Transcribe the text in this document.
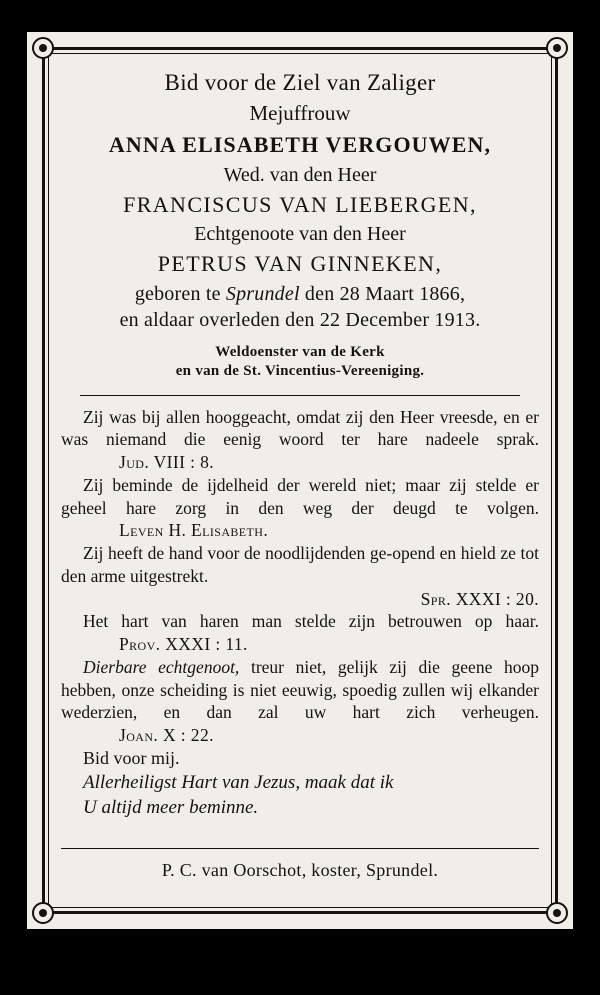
Bid voor de Ziel van Zaliger
Mejuffrouw
ANNA ELISABETH VERGOUWEN,
Wed. van den Heer
FRANCISCUS VAN LIEBERGEN,
Echtgenoote van den Heer
PETRUS VAN GINNEKEN,
geboren te Sprundel den 28 Maart 1866,
en aldaar overleden den 22 December 1913.
Weldoenster van de Kerk
en van de St. Vincentius-Vereeniging.

Zij was bij allen hooggeacht, omdat zij den Heer vreesde, en er was niemand die eenig woord ter hare nadeele sprak. Jud. VIII : 8.

Zij beminde de ijdelheid der wereld niet; maar zij stelde er geheel hare zorg in den weg der deugd te volgen. Leven H. Elisabeth.

Zij heeft de hand voor de noodlijdenden ge-opend en hield ze tot den arme uitgestrekt.

Spr. XXXI : 20.

Het hart van haren man stelde zijn betrouwen op haar. Prov. XXXI : 11.

Dierbare echtgenoot, treur niet, gelijk zij die geene hoop hebben, onze scheiding is niet eeuwig, spoedig zullen wij elkander wederzien, en dan zal uw hart zich verheugen. Joan. X : 22.

Bid voor mij.

Allerheiligst Hart van Jezus, maak dat ik

U altijd meer beminne.

P. C. van Oorschot, koster, Sprundel.
